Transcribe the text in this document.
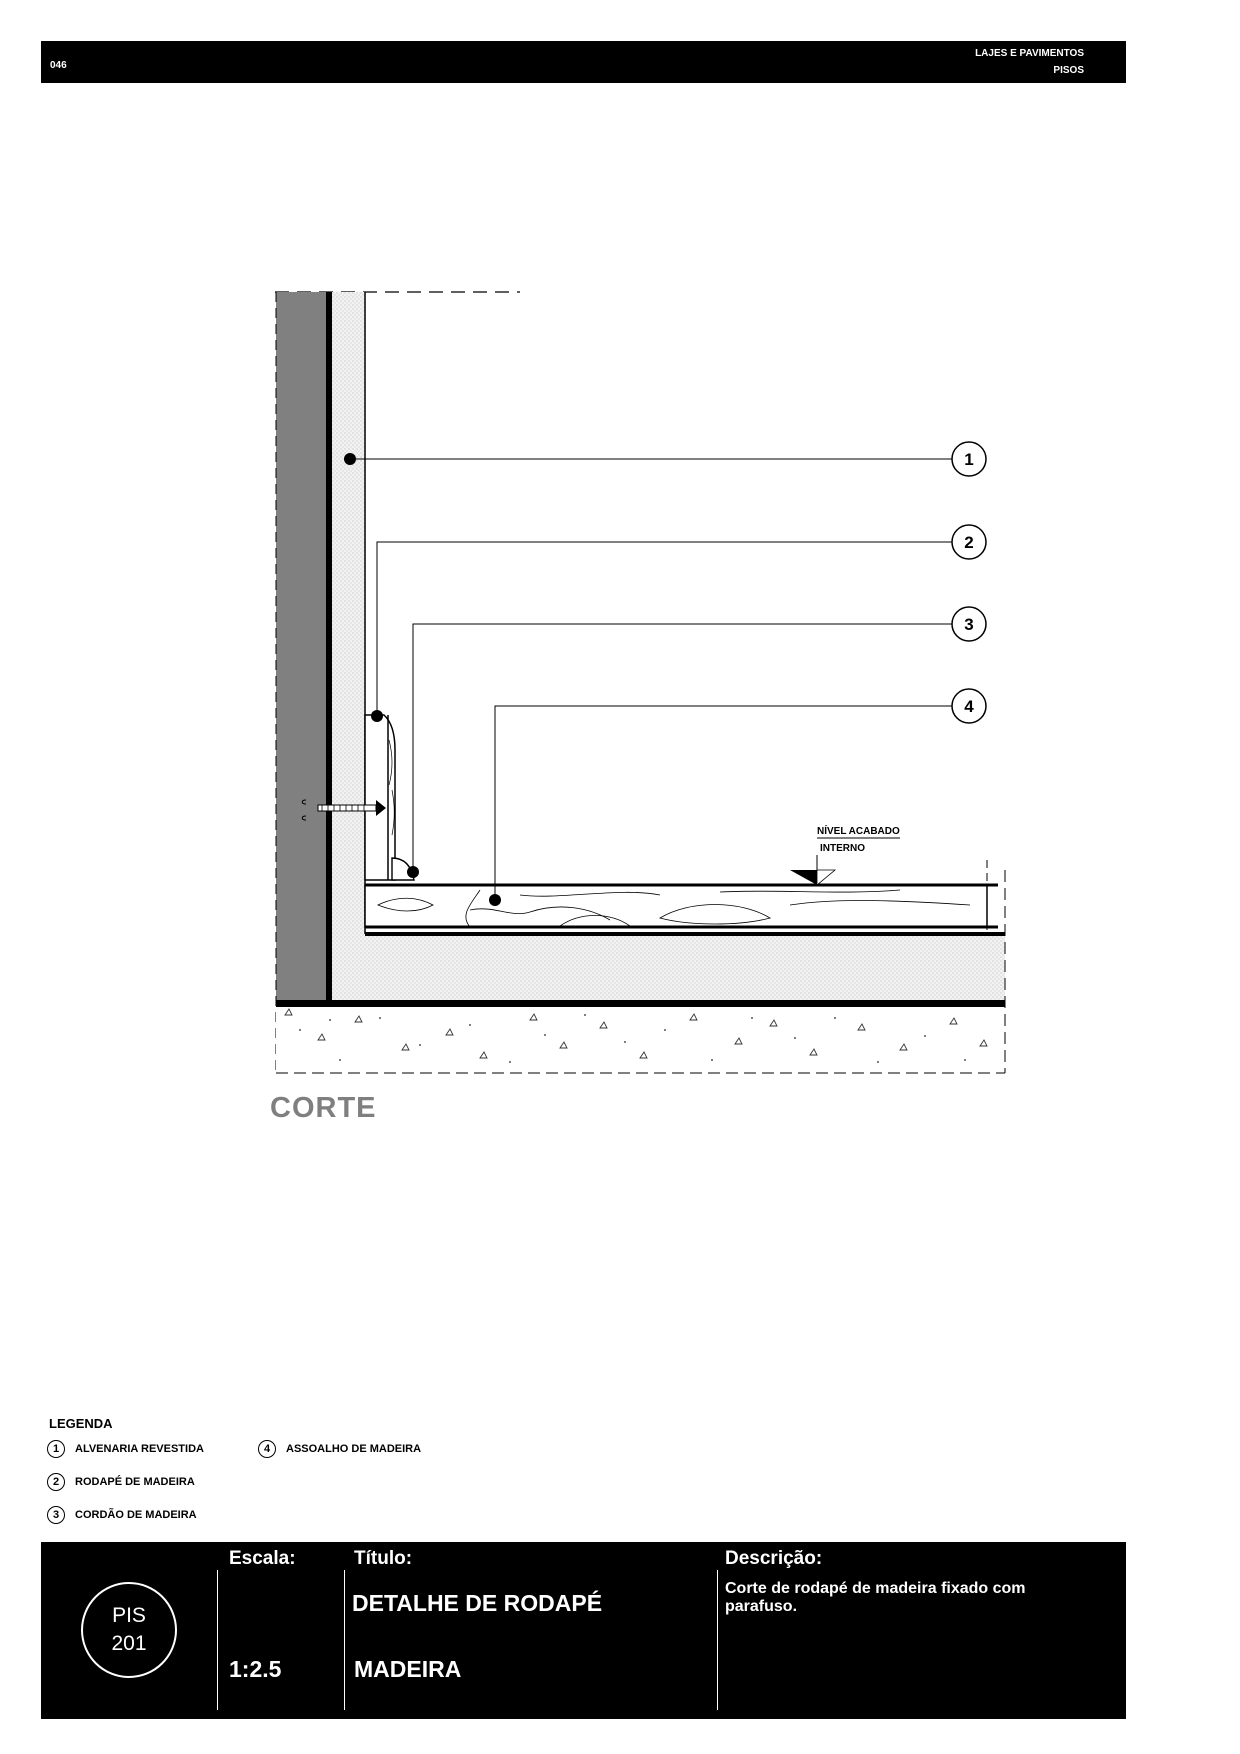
046
LAJES E PAVIMENTOS
PISOS
1
2
3
4
NÍVEL ACABADO
INTERNO
CORTE
LEGENDA
1	ALVENARIA REVESTIDA
2	RODAPÉ DE MADEIRA
3	CORDÃO DE MADEIRA
4	ASSOALHO DE MADEIRA
PIS
201
Escala:
1:2.5
Título:
DETALHE DE RODAPÉ
MADEIRA
Descrição:
Corte de rodapé de madeira fixado com parafuso.
